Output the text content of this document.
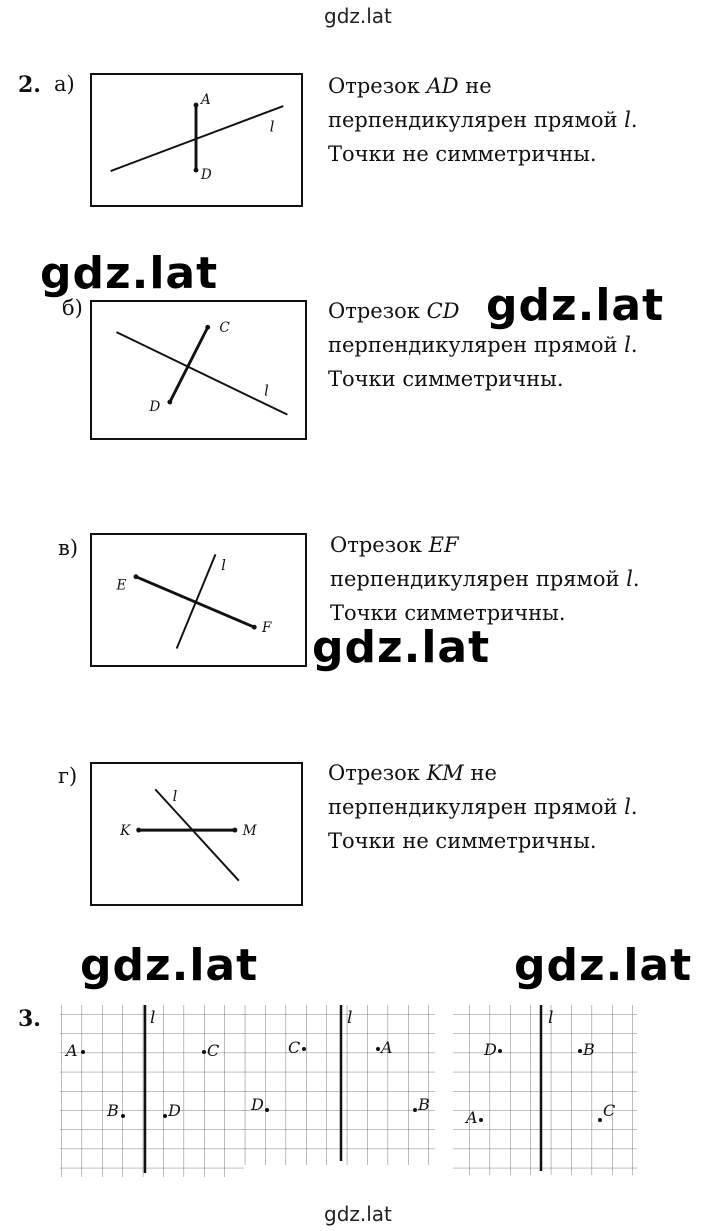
gdz.lat
gdz.lat
2. а)
A
D
l
Отрезок AD не
перпендикулярен прямой l.
Точки не симметричны.
gdz.lat
б)
C
D
l
Отрезок CD
перпендикулярен прямой l.
Точки симметричны.
gdz.lat
в)
E
F
l
Отрезок EF
перпендикулярен прямой l.
Точки симметричны.
gdz.lat
г)
K	M
l
Отрезок KM не
перпендикулярен прямой l.
Точки не симметричны.
gdz.lat	gdz.lat
3.	l
A	C
B	D
l
C	A
D	B
l
D	B
A	C
